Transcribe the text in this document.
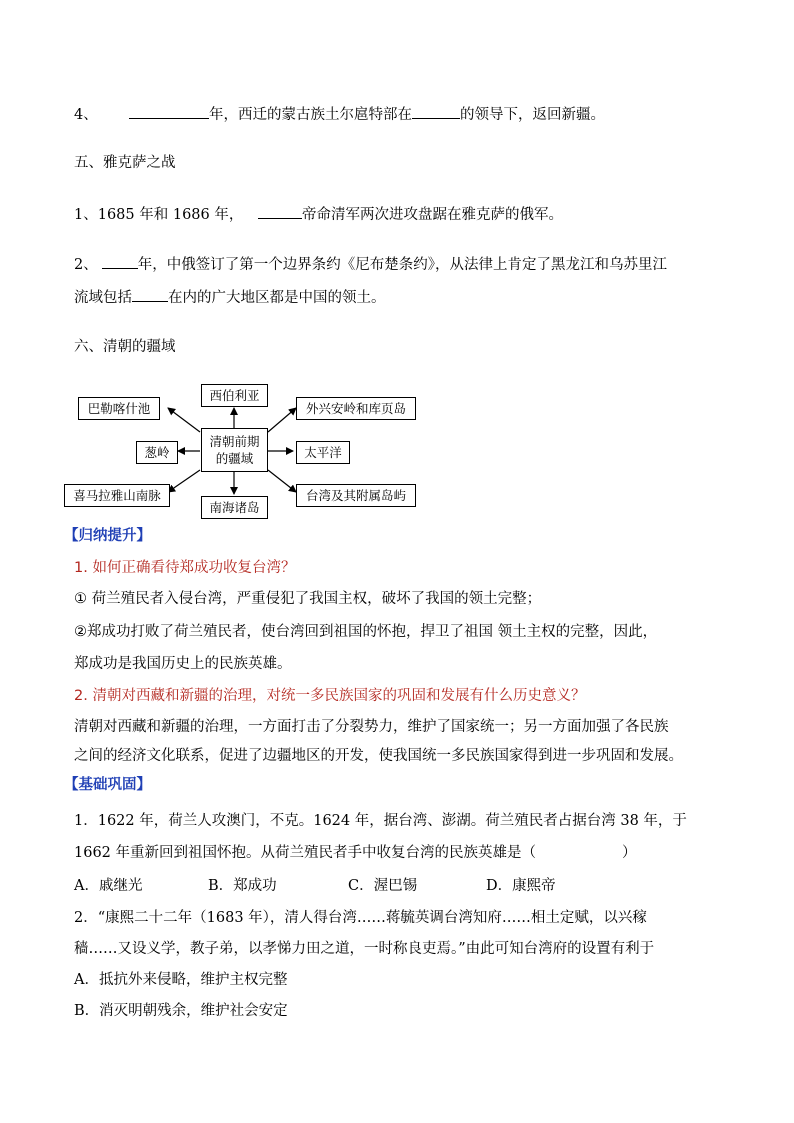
4、	年，西迁的蒙古族土尔扈特部在	的领导下，返回新疆。
五、雅克萨之战
1、1685 年和 1686 年，	帝命清军两次进攻盘踞在雅克萨的俄军。
2、	年，中俄签订了第一个边界条约《尼布楚条约》，从法律上肯定了黑龙江和乌苏里江
流域包括 在内的广大地区都是中国的领土。
六、清朝的疆域
清朝前期
的疆域
西伯利亚
南海诸岛
巴勒喀什池
葱岭
喜马拉雅山南脉
外兴安岭和库页岛
太平洋
台湾及其附属岛屿
【归纳提升】
1. 如何正确看待郑成功收复台湾？
① 荷兰殖民者入侵台湾，严重侵犯了我国主权，破坏了我国的领土完整；
②郑成功打败了荷兰殖民者，使台湾回到祖国的怀抱，捍卫了祖国 领土主权的完整，因此，
郑成功是我国历史上的民族英雄。
2. 清朝对西藏和新疆的治理，对统一多民族国家的巩固和发展有什么历史意义？
清朝对西藏和新疆的治理，一方面打击了分裂势力，维护了国家统一；另一方面加强了各民族
之间的经济文化联系，促进了边疆地区的开发，使我国统一多民族国家得到进一步巩固和发展。
【基础巩固】
1．1622 年，荷兰人攻澳门，不克。1624 年，据台湾、澎湖。荷兰殖民者占据台湾 38 年，于
1662 年重新回到祖国怀抱。从荷兰殖民者手中收复台湾的民族英雄是（	）
A．戚继光	B．郑成功	C．渥巴锡	D．康熙帝
2．“康熙二十二年（1683 年），清人得台湾……蒋毓英调台湾知府……相土定赋，以兴稼
穑……又设义学，教子弟，以孝悌力田之道，一时称良吏焉。”由此可知台湾府的设置有利于
A．抵抗外来侵略，维护主权完整
B．消灭明朝残余，维护社会安定
